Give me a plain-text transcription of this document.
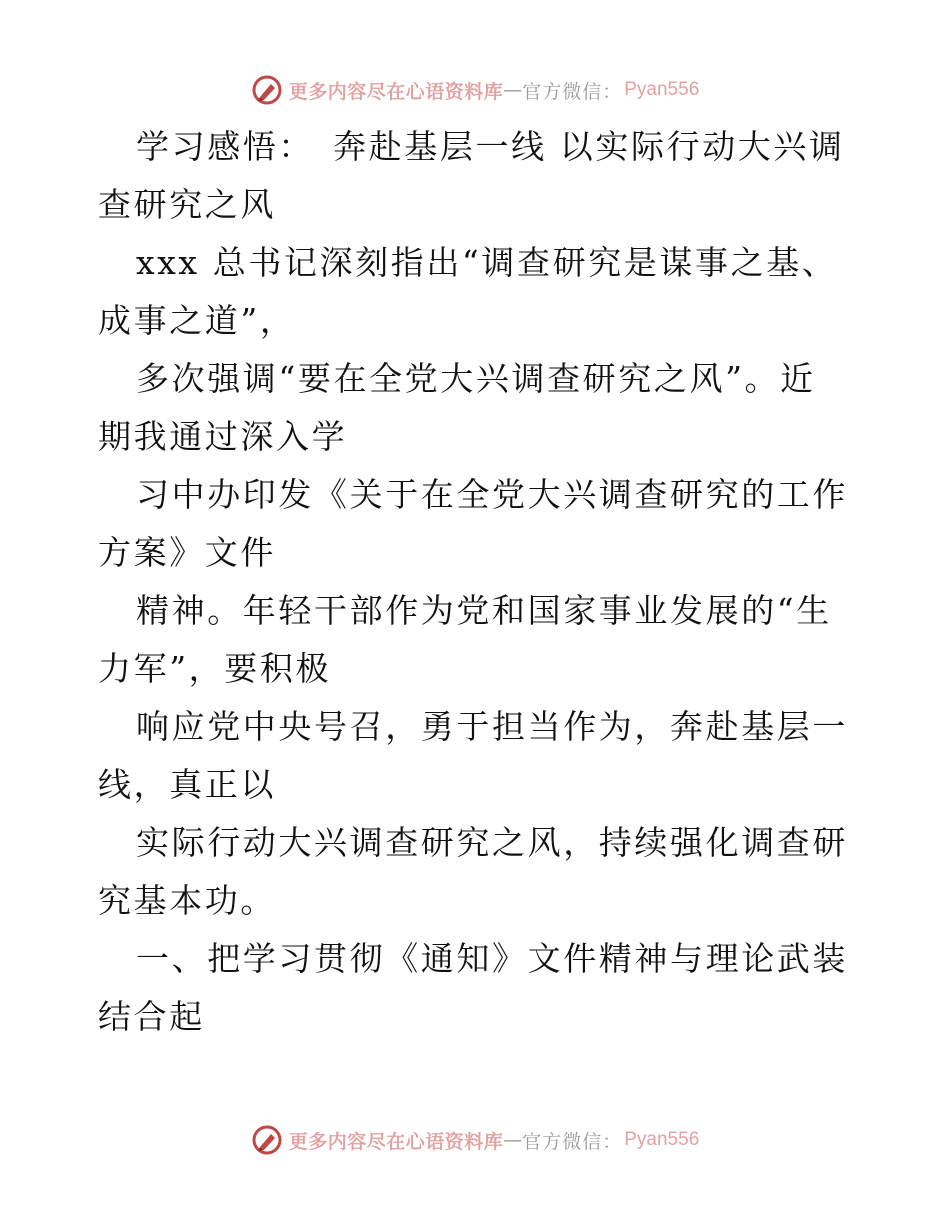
更多内容尽在心语资料库 — 官方微信： Pyan556

学习感悟：　奔赴基层一线 以实际行动大兴调查研究之风

xxx 总书记深刻指出“调查研究是谋事之基、成事之道”，

多次强调“要在全党大兴调查研究之风”。近期我通过深入学

习中办印发《关于在全党大兴调查研究的工作方案》文件

精神。年轻干部作为党和国家事业发展的“生力军”，要积极

响应党中央号召，勇于担当作为，奔赴基层一线，真正以

实际行动大兴调查研究之风，持续强化调查研究基本功。

一、把学习贯彻《通知》文件精神与理论武装结合起

更多内容尽在心语资料库 — 官方微信： Pyan556
